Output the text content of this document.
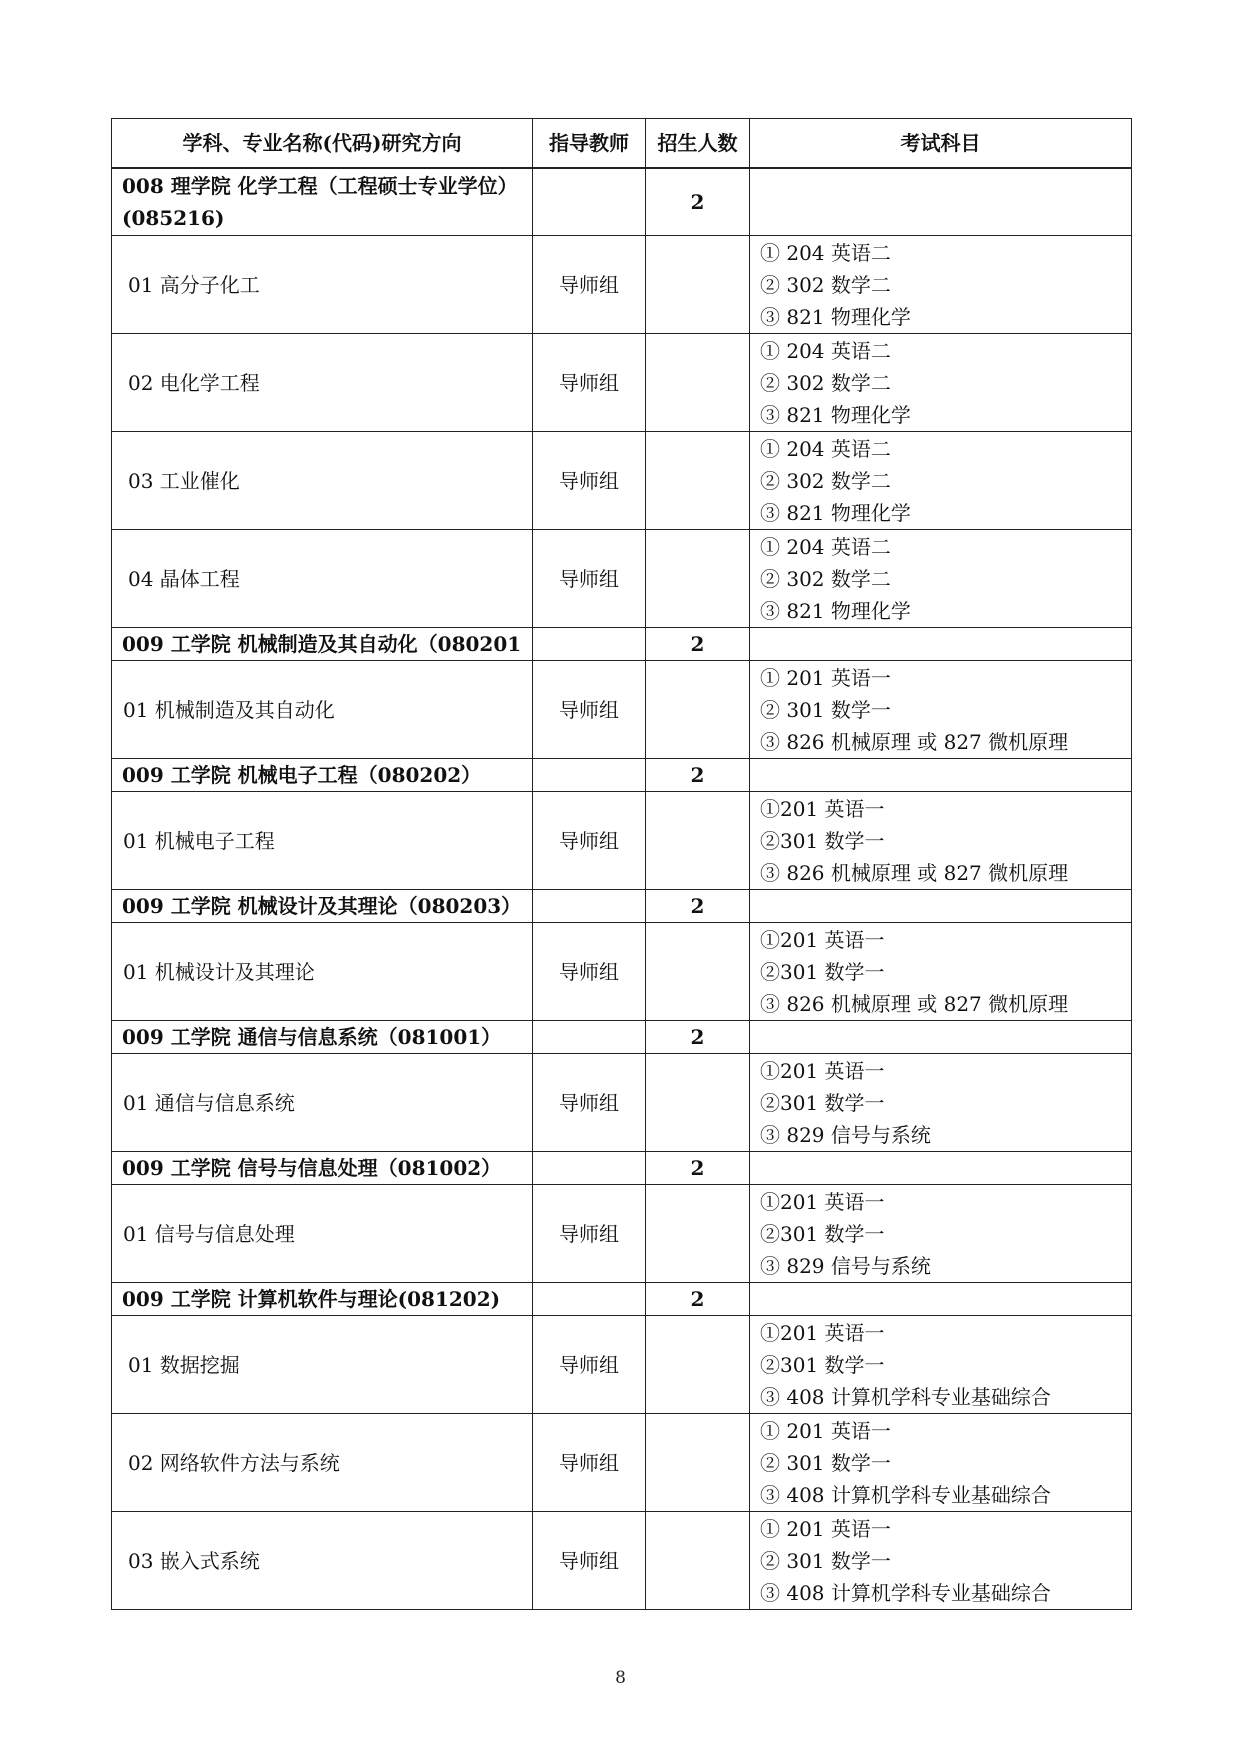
学科、专业名称(代码)研究方向	指导教师	招生人数	考试科目
008 理学院 化学工程（工程硕士专业学位）(085216)		2	
01 高分子化工	导师组		① 204 英语二
② 302 数学二
③ 821 物理化学

02 电化学工程	导师组		① 204 英语二
② 302 数学二
③ 821 物理化学

03 工业催化	导师组		① 204 英语二
② 302 数学二
③ 821 物理化学

04 晶体工程	导师组		① 204 英语二
② 302 数学二
③ 821 物理化学

009 工学院 机械制造及其自动化（080201		2	
01 机械制造及其自动化	导师组		① 201 英语一
② 301 数学一
③ 826 机械原理 或 827 微机原理

009 工学院 机械电子工程（080202）		2	
01 机械电子工程	导师组		①201 英语一
②301 数学一
③ 826 机械原理 或 827 微机原理

009 工学院 机械设计及其理论（080203）		2	
01 机械设计及其理论	导师组		①201 英语一
②301 数学一
③ 826 机械原理 或 827 微机原理

009 工学院 通信与信息系统（081001）		2	
01 通信与信息系统	导师组		①201 英语一
②301 数学一
③ 829 信号与系统

009 工学院 信号与信息处理（081002）		2	
01 信号与信息处理	导师组		①201 英语一
②301 数学一
③ 829 信号与系统

009 工学院 计算机软件与理论(081202)		2	
01 数据挖掘	导师组		①201 英语一
②301 数学一
③ 408 计算机学科专业基础综合

02 网络软件方法与系统	导师组		① 201 英语一
② 301 数学一
③ 408 计算机学科专业基础综合

03 嵌入式系统	导师组		① 201 英语一
② 301 数学一
③ 408 计算机学科专业基础综合
8
